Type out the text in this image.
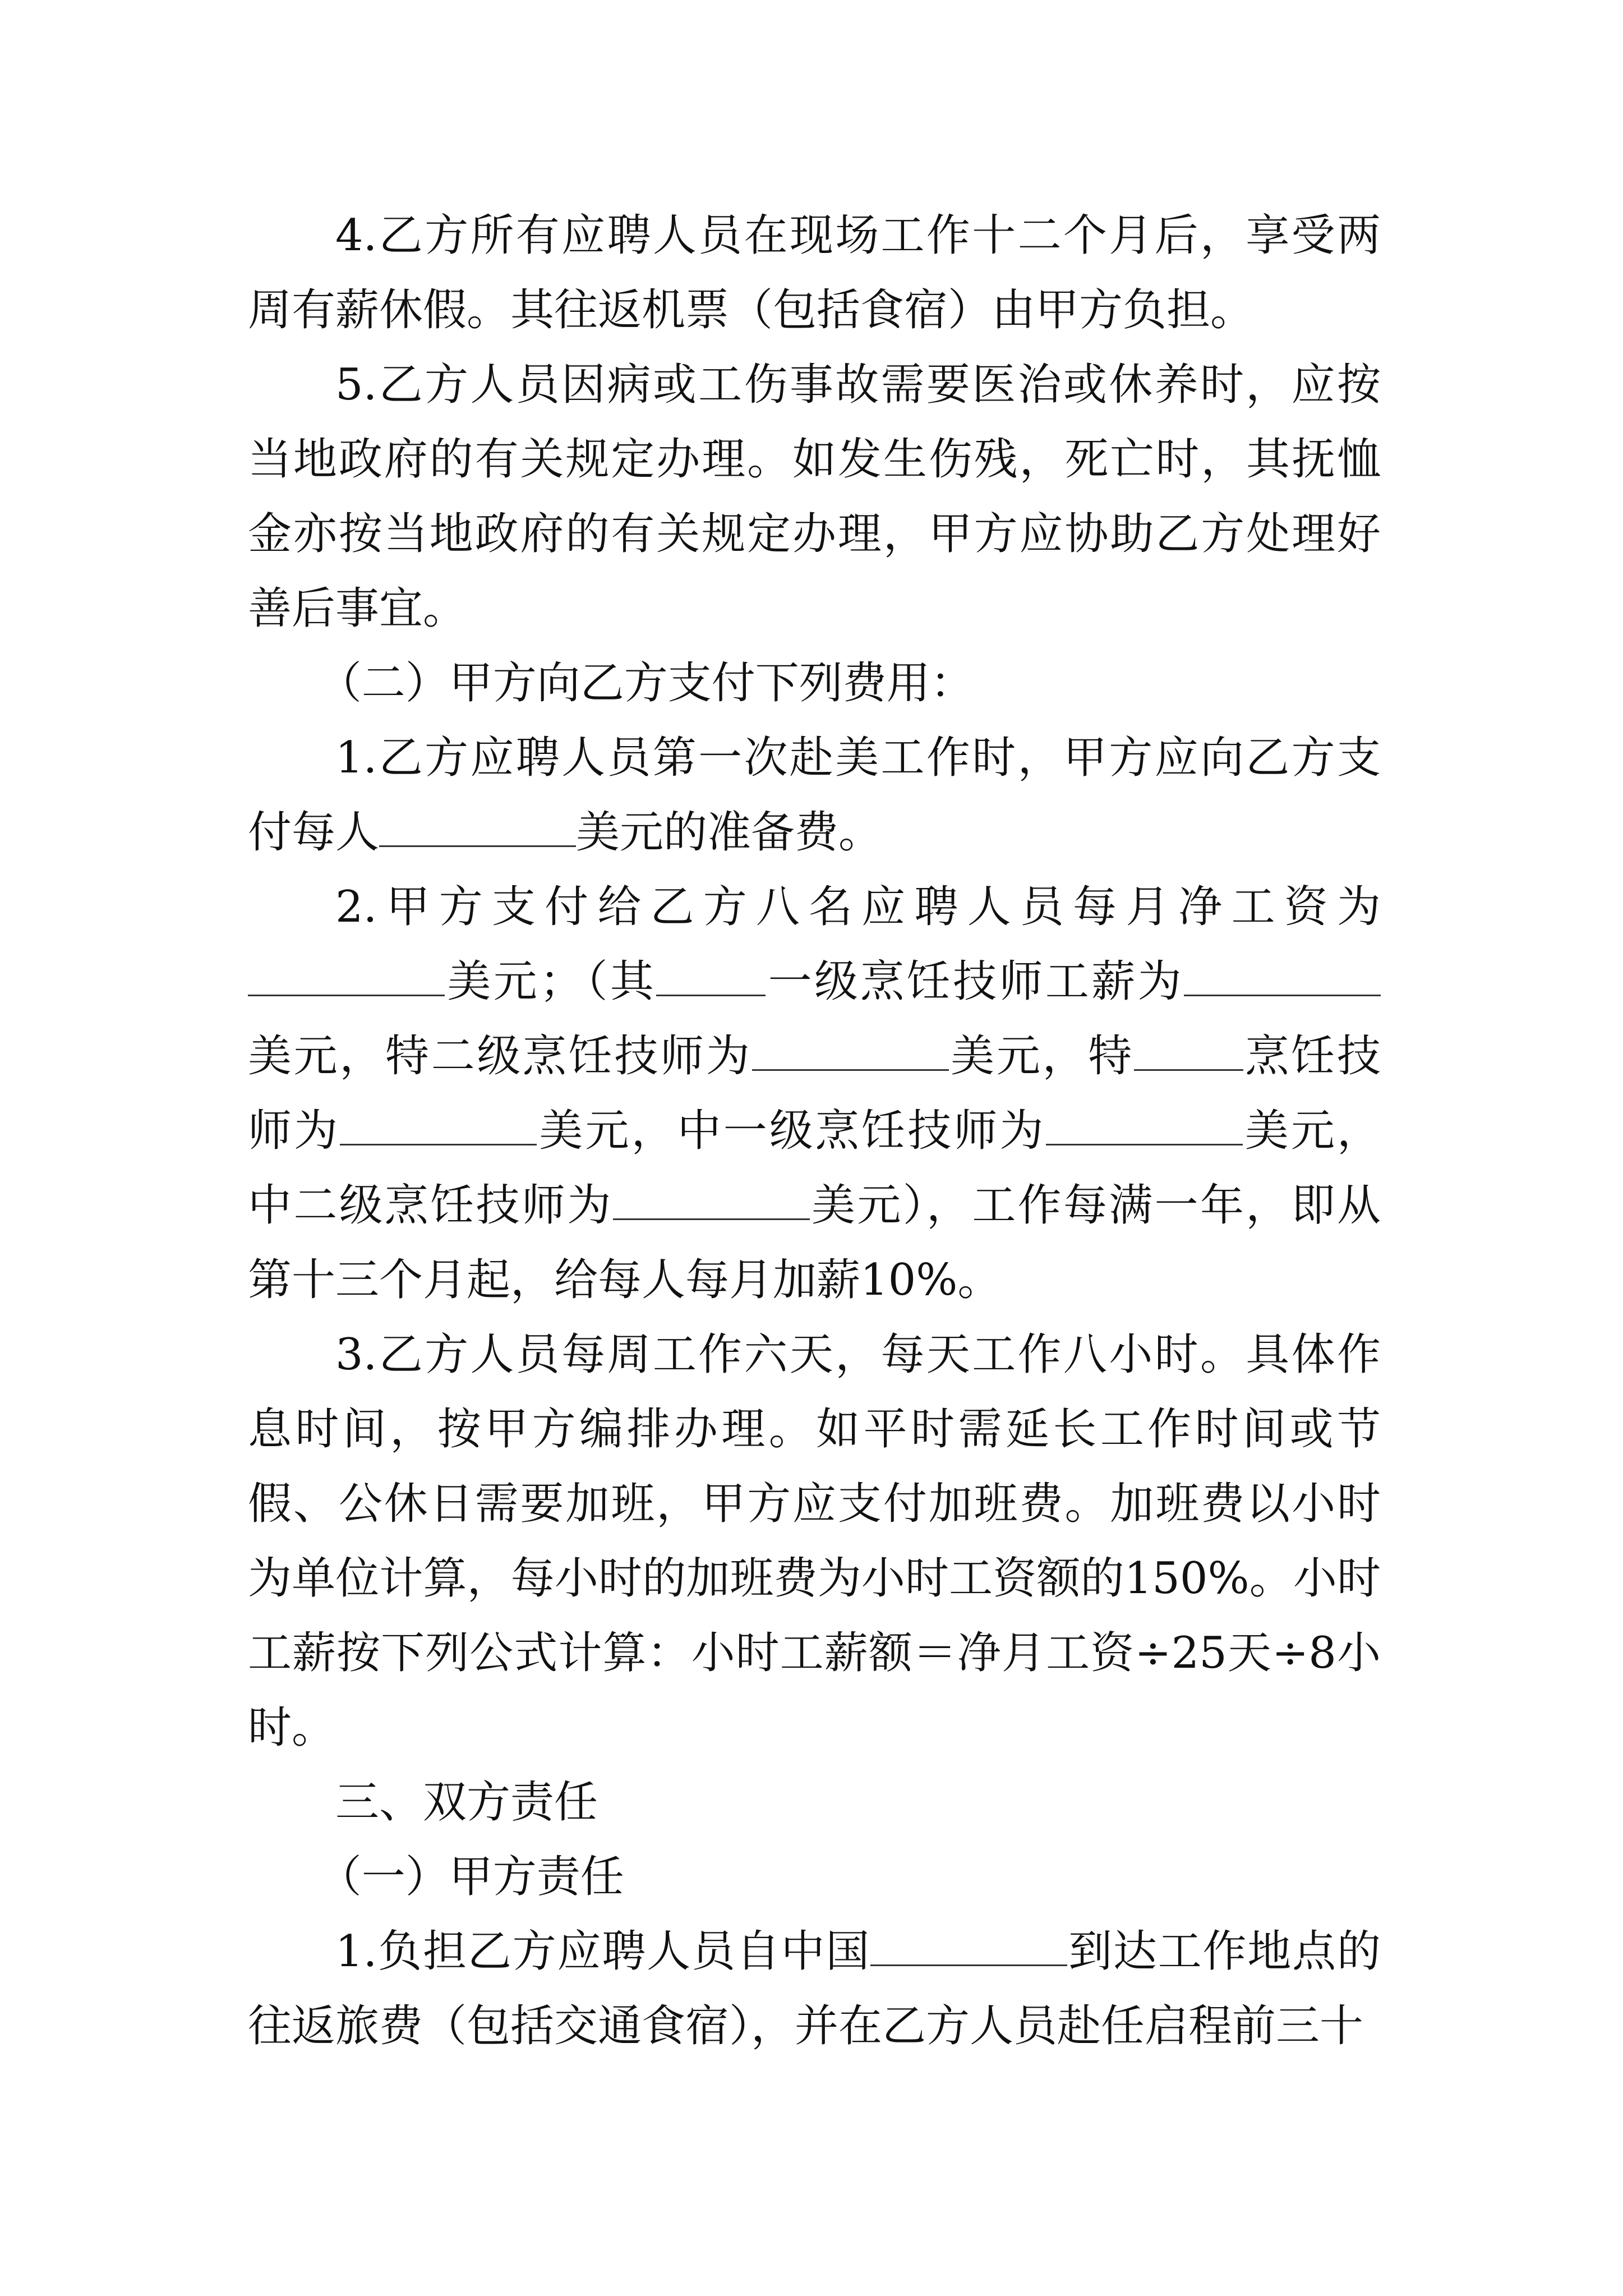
4.乙方所有应聘人员在现场工作十二个月后，享受两周有薪休假。其往返机票（包括食宿）由甲方负担。

5.乙方人员因病或工伤事故需要医治或休养时，应按当地政府的有关规定办理。如发生伤残，死亡时，其抚恤金亦按当地政府的有关规定办理，甲方应协助乙方处理好善后事宜。

（二）甲方向乙方支付下列费用：

1.乙方应聘人员第一次赴美工作时，甲方应向乙方支付每人	美元的准备费。

2.甲方支付给乙方八名应聘人员每月净工资为美元；（其	一级烹饪技师工薪为美元，特二级烹饪技师为	美元，特	烹饪技师为	美元，中一级烹饪技师为	美元，中二级烹饪技师为	美元），工作每满一年，即从第十三个月起，给每人每月加薪10%。

3.乙方人员每周工作六天，每天工作八小时。具体作息时间，按甲方编排办理。如平时需延长工作时间或节假、公休日需要加班，甲方应支付加班费。加班费以小时为单位计算，每小时的加班费为小时工资额的150%。小时工薪按下列公式计算：小时工薪额＝净月工资÷25天÷8小时。

三、双方责任

（一）甲方责任

1.负担乙方应聘人员自中国	到达工作地点的往返旅费（包括交通食宿），并在乙方人员赴任启程前三十
